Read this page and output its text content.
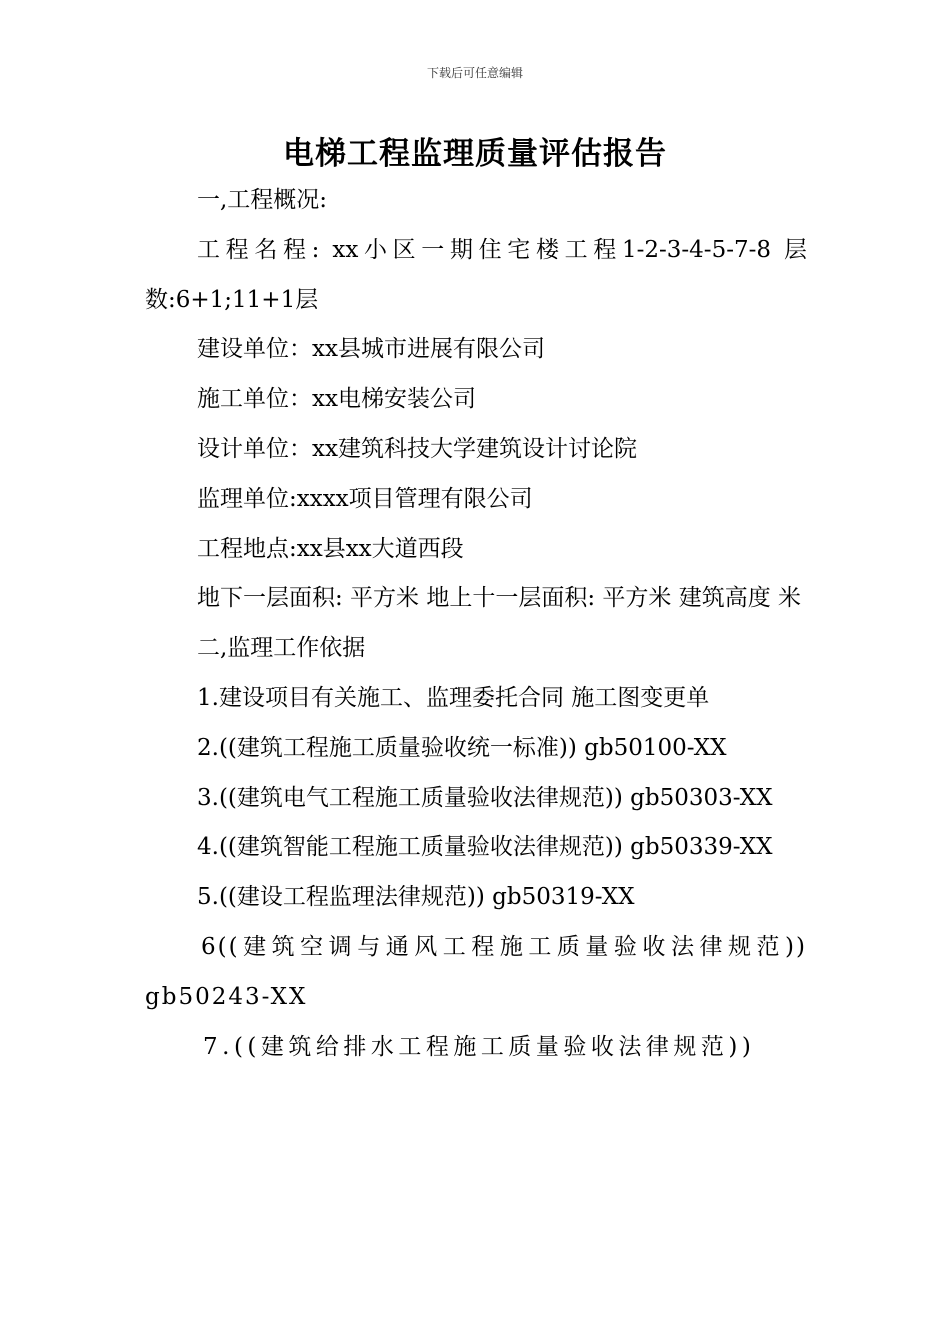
下载后可任意编辑
电梯工程监理质量评估报告

一,工程概况:

工程名程: xx小区一期住宅楼工程1-2-3-4-5-7-8 层数:6+1;11+1层

建设单位：xx县城市进展有限公司

施工单位：xx电梯安装公司

设计单位：xx建筑科技大学建筑设计讨论院

监理单位:xxxx项目管理有限公司

工程地点:xx县xx大道西段

地下一层面积: 平方米 地上十一层面积: 平方米 建筑高度 米

二,监理工作依据

1.建设项目有关施工、监理委托合同 施工图变更单

2.((建筑工程施工质量验收统一标准)) gb50100-XX

3.((建筑电气工程施工质量验收法律规范)) gb50303-XX

4.((建筑智能工程施工质量验收法律规范)) gb50339-XX

5.((建设工程监理法律规范)) gb50319-XX

6((建筑空调与通风工程施工质量验收法律规范)) gb50243-XX

7.((建筑给排水工程施工质量验收法律规范))
